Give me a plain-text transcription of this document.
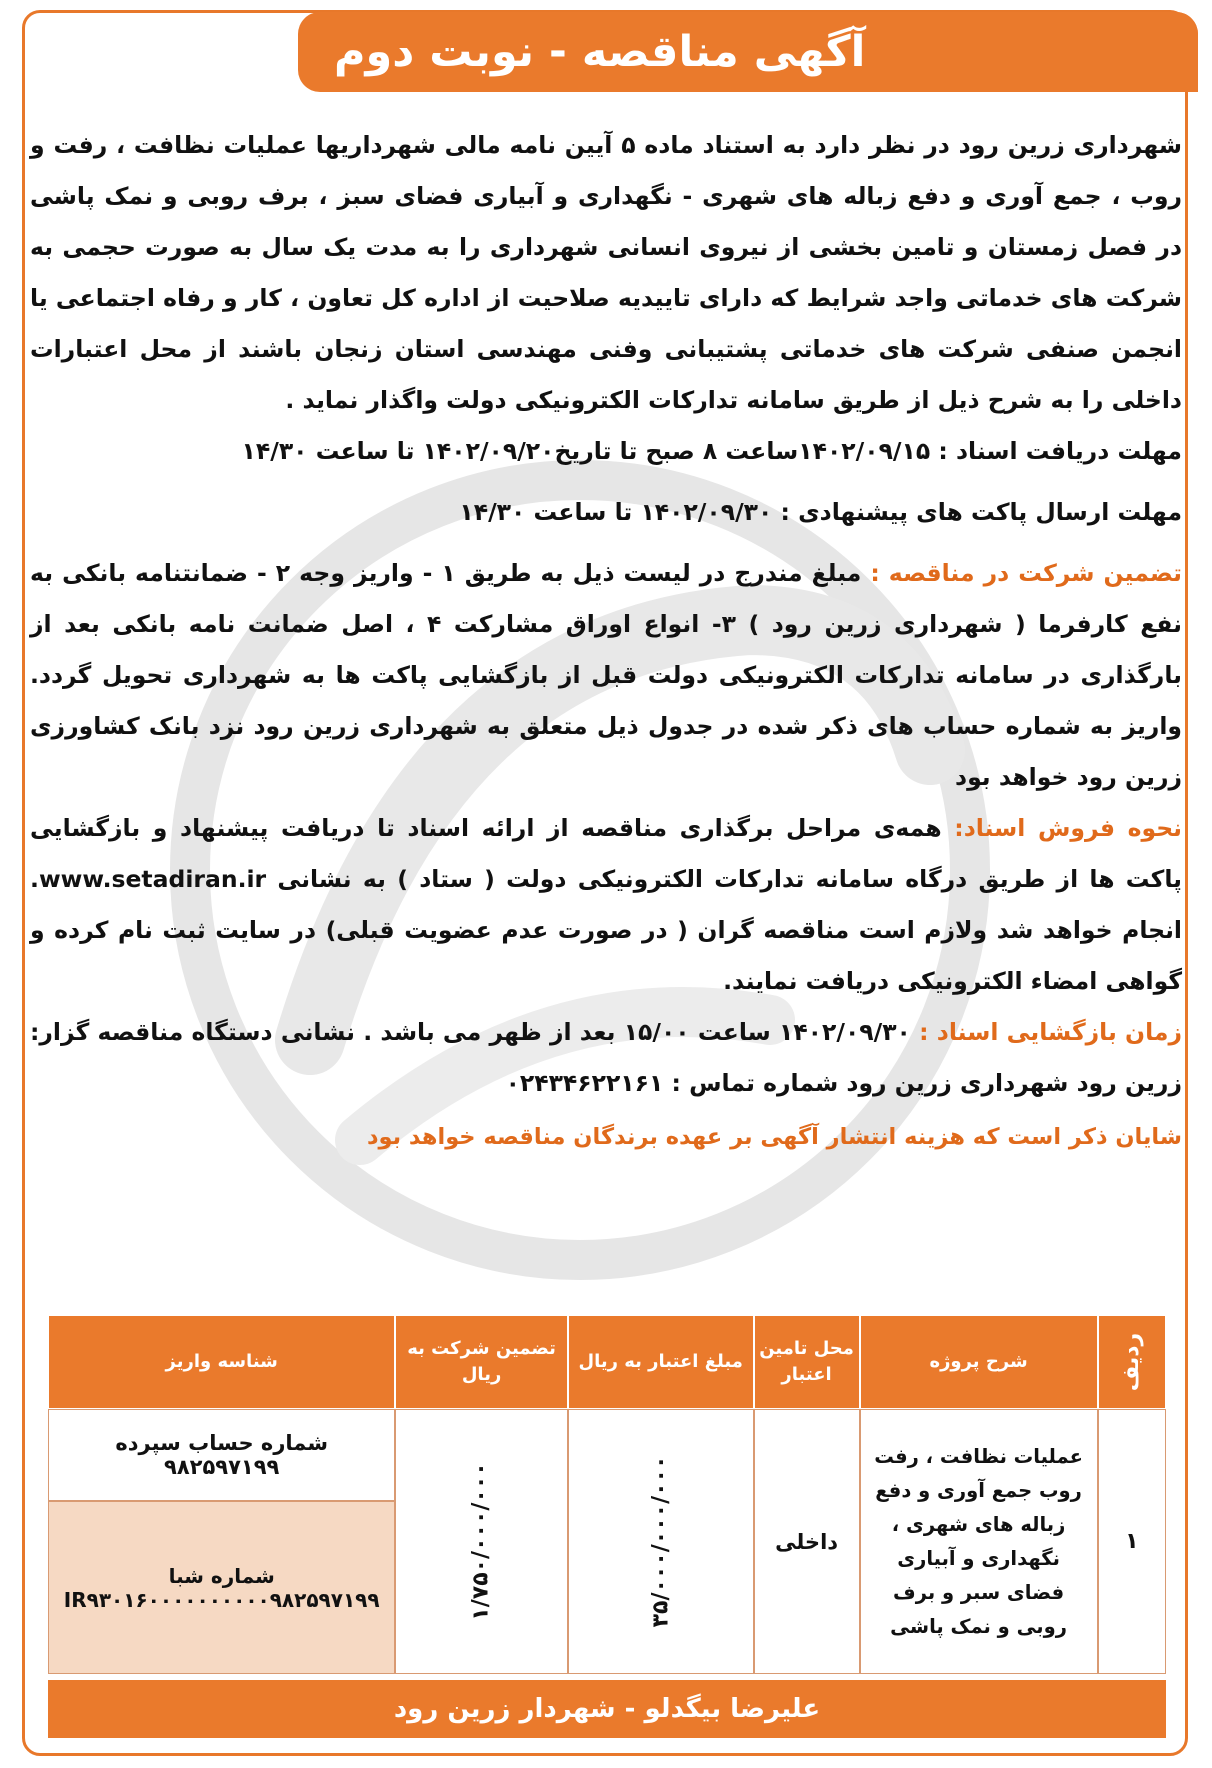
آگهی مناقصه - نوبت دوم

شهرداری زرین رود در نظر دارد به استناد ماده ۵ آیین نامه مالی شهرداریها عملیات نظافت ، رفت و روب ، جمع آوری و دفع زباله های شهری - نگهداری و آبیاری فضای سبز ، برف روبی و نمک پاشی در فصل زمستان و تامین بخشی از نیروی انسانی شهرداری را به مدت یک سال به صورت حجمی به شرکت های خدماتی واجد شرایط که دارای تاییدیه صلاحیت از اداره کل تعاون ، کار و رفاه اجتماعی یا انجمن صنفی شرکت های خدماتی پشتیبانی وفنی مهندسی استان زنجان باشند از محل اعتبارات داخلی را به شرح ذیل از طریق سامانه تدارکات الکترونیکی دولت واگذار نماید .

مهلت دریافت اسناد : ۱۴۰۲/۰۹/۱۵ساعت ۸ صبح تا تاریخ۱۴۰۲/۰۹/۲۰ تا ساعت ۱۴/۳۰

مهلت ارسال پاکت های پیشنهادی : ۱۴۰۲/۰۹/۳۰ تا ساعت ۱۴/۳۰

تضمین شرکت در مناقصه : مبلغ مندرج در لیست ذیل به طریق ۱ - واریز وجه ۲ - ضمانتنامه بانکی به نفع کارفرما ( شهرداری زرین رود ) ۳- انواع اوراق مشارکت ۴ ، اصل ضمانت نامه بانکی بعد از بارگذاری در سامانه تدارکات الکترونیکی دولت قبل از بازگشایی پاکت ها به شهرداری تحویل گردد. واریز به شماره حساب های ذکر شده در جدول ذیل متعلق به شهرداری زرین رود نزد بانک کشاورزی زرین رود خواهد بود

نحوه فروش اسناد: همه‌ی مراحل برگذاری مناقصه از ارائه اسناد تا دریافت پیشنهاد و بازگشایی پاکت ها از طریق درگاه سامانه تدارکات الکترونیکی دولت ( ستاد ) به نشانی www.setadiran.ir. انجام خواهد شد ولازم است مناقصه گران ( در صورت عدم عضویت قبلی) در سایت ثبت نام کرده و گواهی امضاء الکترونیکی دریافت نمایند.

زمان بازگشایی اسناد : ۱۴۰۲/۰۹/۳۰ ساعت ۱۵/۰۰ بعد از ظهر می باشد . نشانی دستگاه مناقصه گزار: زرین رود شهرداری زرین رود شماره تماس : ۰۲۴۳۴۶۲۲۱۶۱

شایان ذکر است که هزینه انتشار آگهی بر عهده برندگان مناقصه خواهد بود
ردیف	شرح پروژه	محل تامین اعتبار	مبلغ اعتبار به ریال	تضمین شرکت به ریال	شناسه واریز
۱	عملیات نظافت ، رفت روب جمع آوری و دفع زباله های شهری ، نگهداری و آبیاری فضای سبر و برف روبی و نمک پاشی	داخلی	۳۵/۰۰۰/۰۰۰/۰۰۰	۱/۷۵۰/۰۰۰/۰۰۰	شماره حساب سپرده ۹۸۲۵۹۷۱۹۹
					شماره شبا IR۹۳۰۱۶۰۰۰۰۰۰۰۰۰۰۹۸۲۵۹۷۱۹۹
علیرضا بیگدلو - شهردار زرین رود
